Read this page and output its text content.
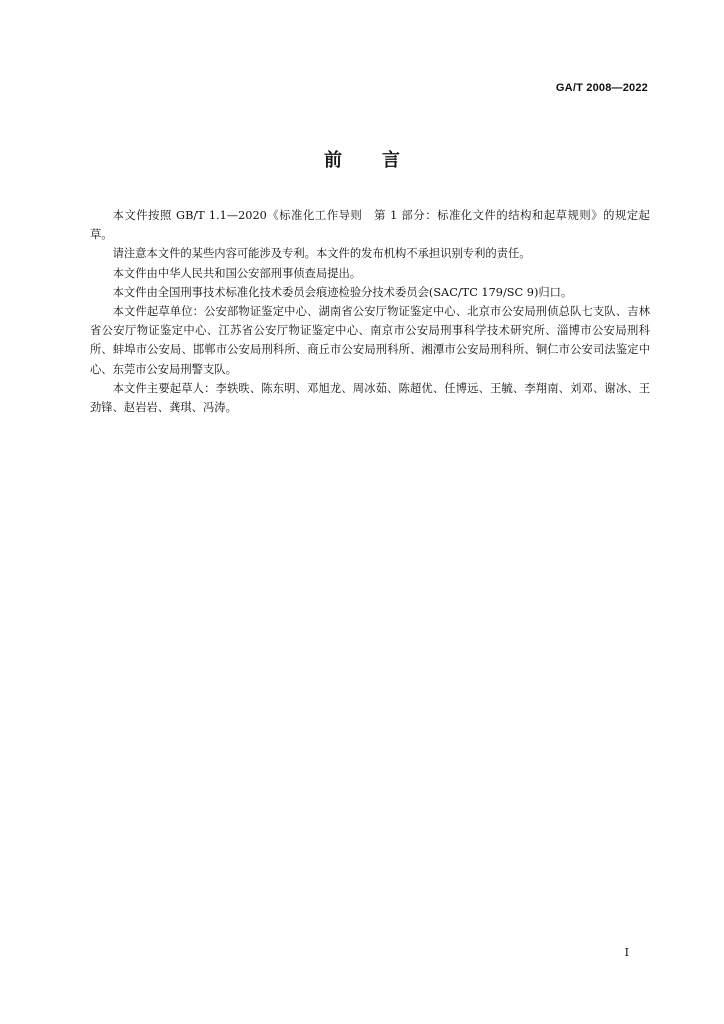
GA/T 2008—2022
前 言

本文件按照 GB/T 1.1—2020《标准化工作导则　第 1 部分：标准化文件的结构和起草规则》的规定起草。

请注意本文件的某些内容可能涉及专利。本文件的发布机构不承担识别专利的责任。

本文件由中华人民共和国公安部刑事侦查局提出。

本文件由全国刑事技术标准化技术委员会痕迹检验分技术委员会(SAC/TC 179/SC 9)归口。

本文件起草单位：公安部物证鉴定中心、湖南省公安厅物证鉴定中心、北京市公安局刑侦总队七支队、吉林省公安厅物证鉴定中心、江苏省公安厅物证鉴定中心、南京市公安局刑事科学技术研究所、淄博市公安局刑科所、蚌埠市公安局、邯郸市公安局刑科所、商丘市公安局刑科所、湘潭市公安局刑科所、铜仁市公安司法鉴定中心、东莞市公安局刑警支队。

本文件主要起草人：李轶昳、陈东明、邓旭龙、周冰茹、陈超优、任博远、王毓、李翔南、刘邓、谢冰、王劲锋、赵岩岩、龚琪、冯涛。

I
